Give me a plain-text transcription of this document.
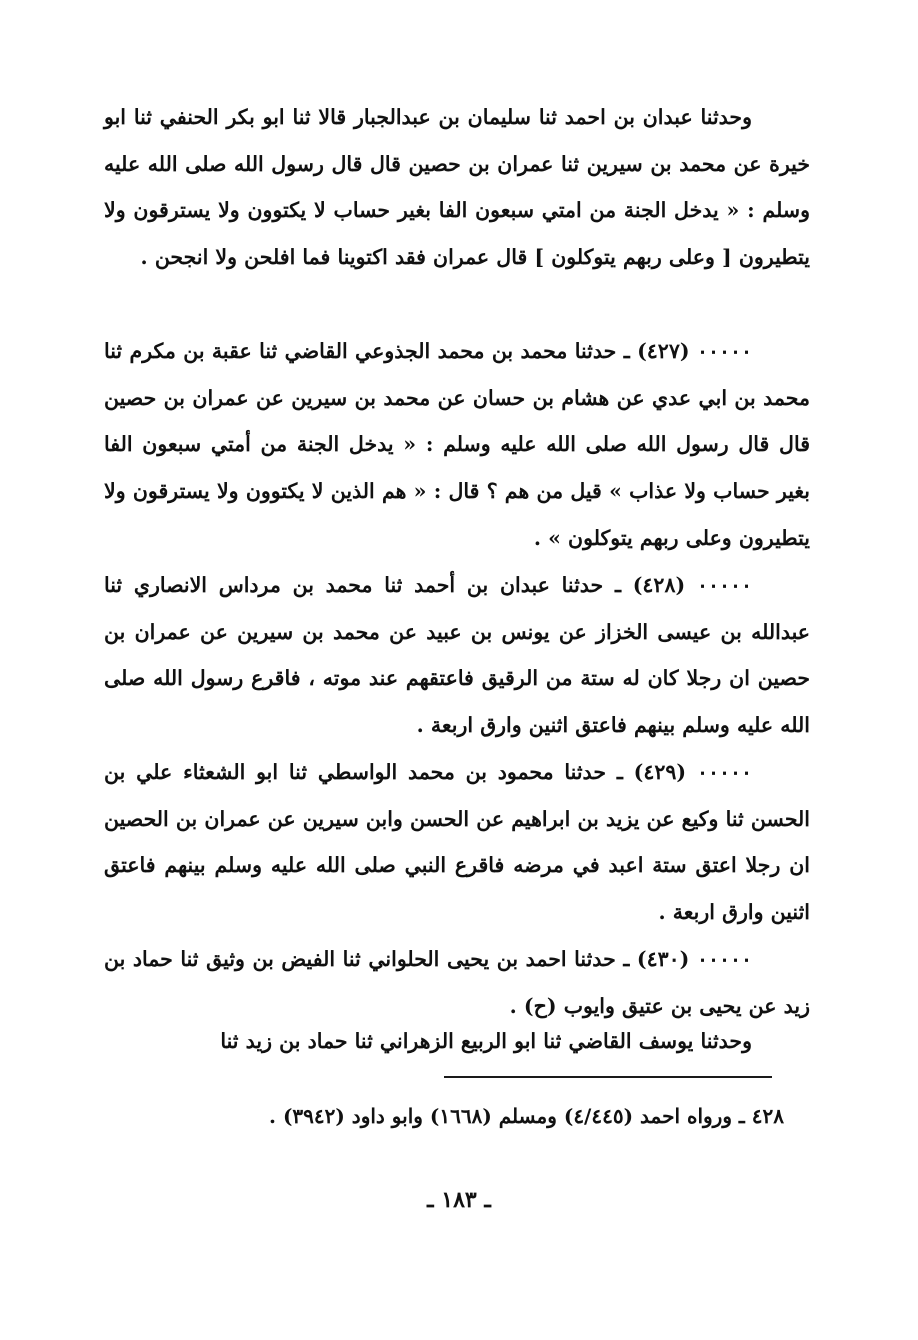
وحدثنا عبدان بن احمد ثنا سليمان بن عبدالجبار قالا ثنا ابو بكر الحنفي ثنا ابو خيرة عن محمد بن سيرين ثنا عمران بن حصين قال قال رسول الله صلى الله عليه وسلم : « يدخل الجنة من امتي سبعون الفا بغير حساب لا يكتوون ولا يسترقون ولا يتطيرون [ وعلى ربهم يتوكلون ] قال عمران فقد اكتوينا فما افلحن ولا انجحن .

٠٠٠٠٠ (٤٢٧) ـ حدثنا محمد بن محمد الجذوعي القاضي ثنا عقبة بن مكرم ثنا محمد بن ابي عدي عن هشام بن حسان عن محمد بن سيرين عن عمران بن حصين قال قال رسول الله صلى الله عليه وسلم : « يدخل الجنة من أمتي سبعون الفا بغير حساب ولا عذاب » قيل من هم ؟ قال : « هم الذين لا يكتوون ولا يسترقون ولا يتطيرون وعلى ربهم يتوكلون » .

٠٠٠٠٠ (٤٢٨) ـ حدثنا عبدان بن أحمد ثنا محمد بن مرداس الانصاري ثنا عبدالله بن عيسى الخزاز عن يونس بن عبيد عن محمد بن سيرين عن عمران بن حصين ان رجلا كان له ستة من الرقيق فاعتقهم عند موته ، فاقرع رسول الله صلى الله عليه وسلم بينهم فاعتق اثنين وارق اربعة .

٠٠٠٠٠ (٤٢٩) ـ حدثنا محمود بن محمد الواسطي ثنا ابو الشعثاء علي بن الحسن ثنا وكيع عن يزيد بن ابراهيم عن الحسن وابن سيرين عن عمران بن الحصين ان رجلا اعتق ستة اعبد في مرضه فاقرع النبي صلى الله عليه وسلم بينهم فاعتق اثنين وارق اربعة .

٠٠٠٠٠ (٤٣٠) ـ حدثنا احمد بن يحيى الحلواني ثنا الفيض بن وثيق ثنا حماد بن زيد عن يحيى بن عتيق وايوب (ح) .

وحدثنا يوسف القاضي ثنا ابو الربيع الزهراني ثنا حماد بن زيد ثنا

٤٢٨ ـ ورواه احمد (٤/٤٤٥) ومسلم (١٦٦٨) وابو داود (٣٩٤٢) .
ـ ١٨٣ ـ
